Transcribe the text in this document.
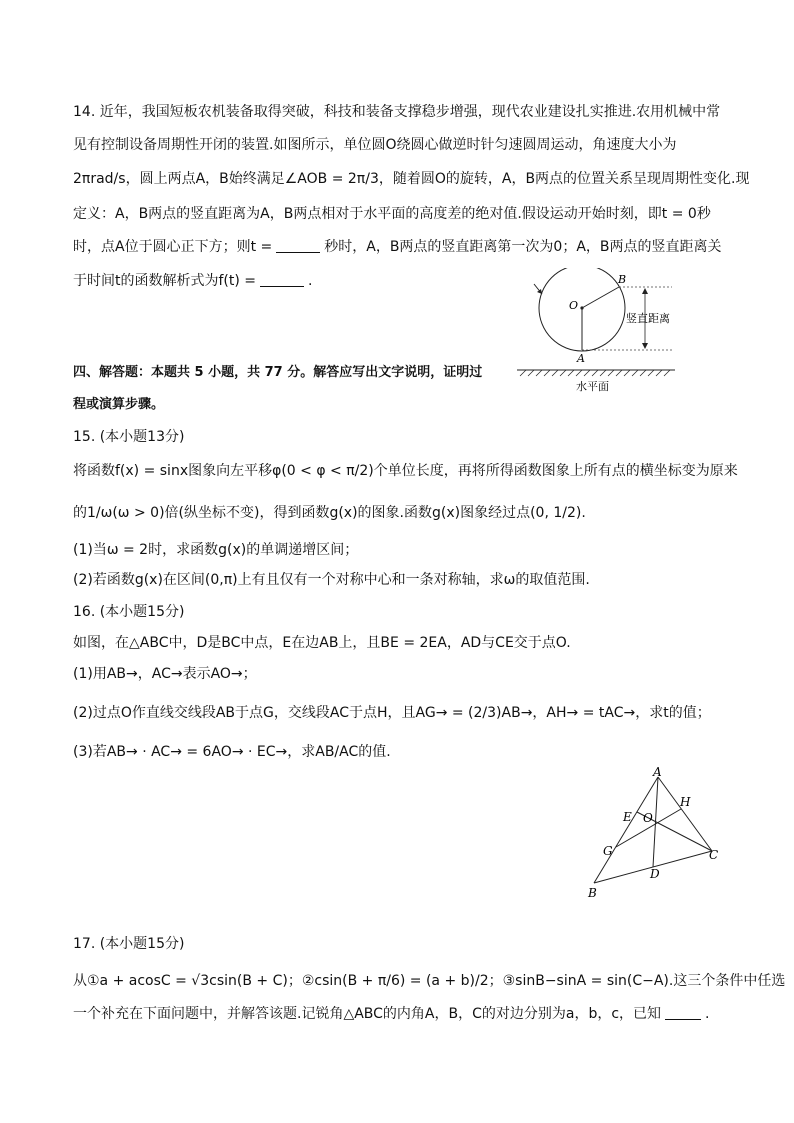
14. 近年，我国短板农机装备取得突破，科技和装备支撑稳步增强，现代农业建设扎实推进.农用机械中常
见有控制设备周期性开闭的装置.如图所示，单位圆O绕圆心做逆时针匀速圆周运动，角速度大小为
2πrad/s，圆上两点A，B始终满足∠AOB = 2π/3，随着圆O的旋转，A，B两点的位置关系呈现周期性变化.现
定义：A，B两点的竖直距离为A，B两点相对于水平面的高度差的绝对值.假设运动开始时刻，即t = 0秒
时，点A位于圆心正下方；则t =	秒时，A，B两点的竖直距离第一次为0；A，B两点的竖直距离关
于时间t的函数解析式为f(t) =	.	B
O
A
竖直距离
水平面
四、解答题：本题共 5 小题，共 77 分。解答应写出文字说明，证明过
程或演算步骤。
15. (本小题13分)
将函数f(x) = sinx图象向左平移φ(0 < φ < π/2)个单位长度，再将所得函数图象上所有点的横坐标变为原来
的1/ω(ω > 0)倍(纵坐标不变)，得到函数g(x)的图象.函数g(x)图象经过点(0, 1/2).
(1)当ω = 2时，求函数g(x)的单调递增区间；
(2)若函数g(x)在区间(0,π)上有且仅有一个对称中心和一条对称轴，求ω的取值范围.
16. (本小题15分)
如图，在△ABC中，D是BC中点，E在边AB上，且BE = 2EA，AD与CE交于点O.
(1)用AB→，AC→表示AO→；
(2)过点O作直线交线段AB于点G，交线段AC于点H，且AG→ = (2/3)AB→，AH→ = tAC→，求t的值；
(3)若AB→ · AC→ = 6AO→ · EC→，求AB/AC的值.
A
H
E O
G	C
D
B
17. (本小题15分)
从①a + acosC = √3csin(B + C)；②csin(B + π/6) = (a + b)/2；③sinB−sinA = sin(C−A).这三个条件中任选
一个补充在下面问题中，并解答该题.记锐角△ABC的内角A，B，C的对边分别为a，b，c，已知	.
